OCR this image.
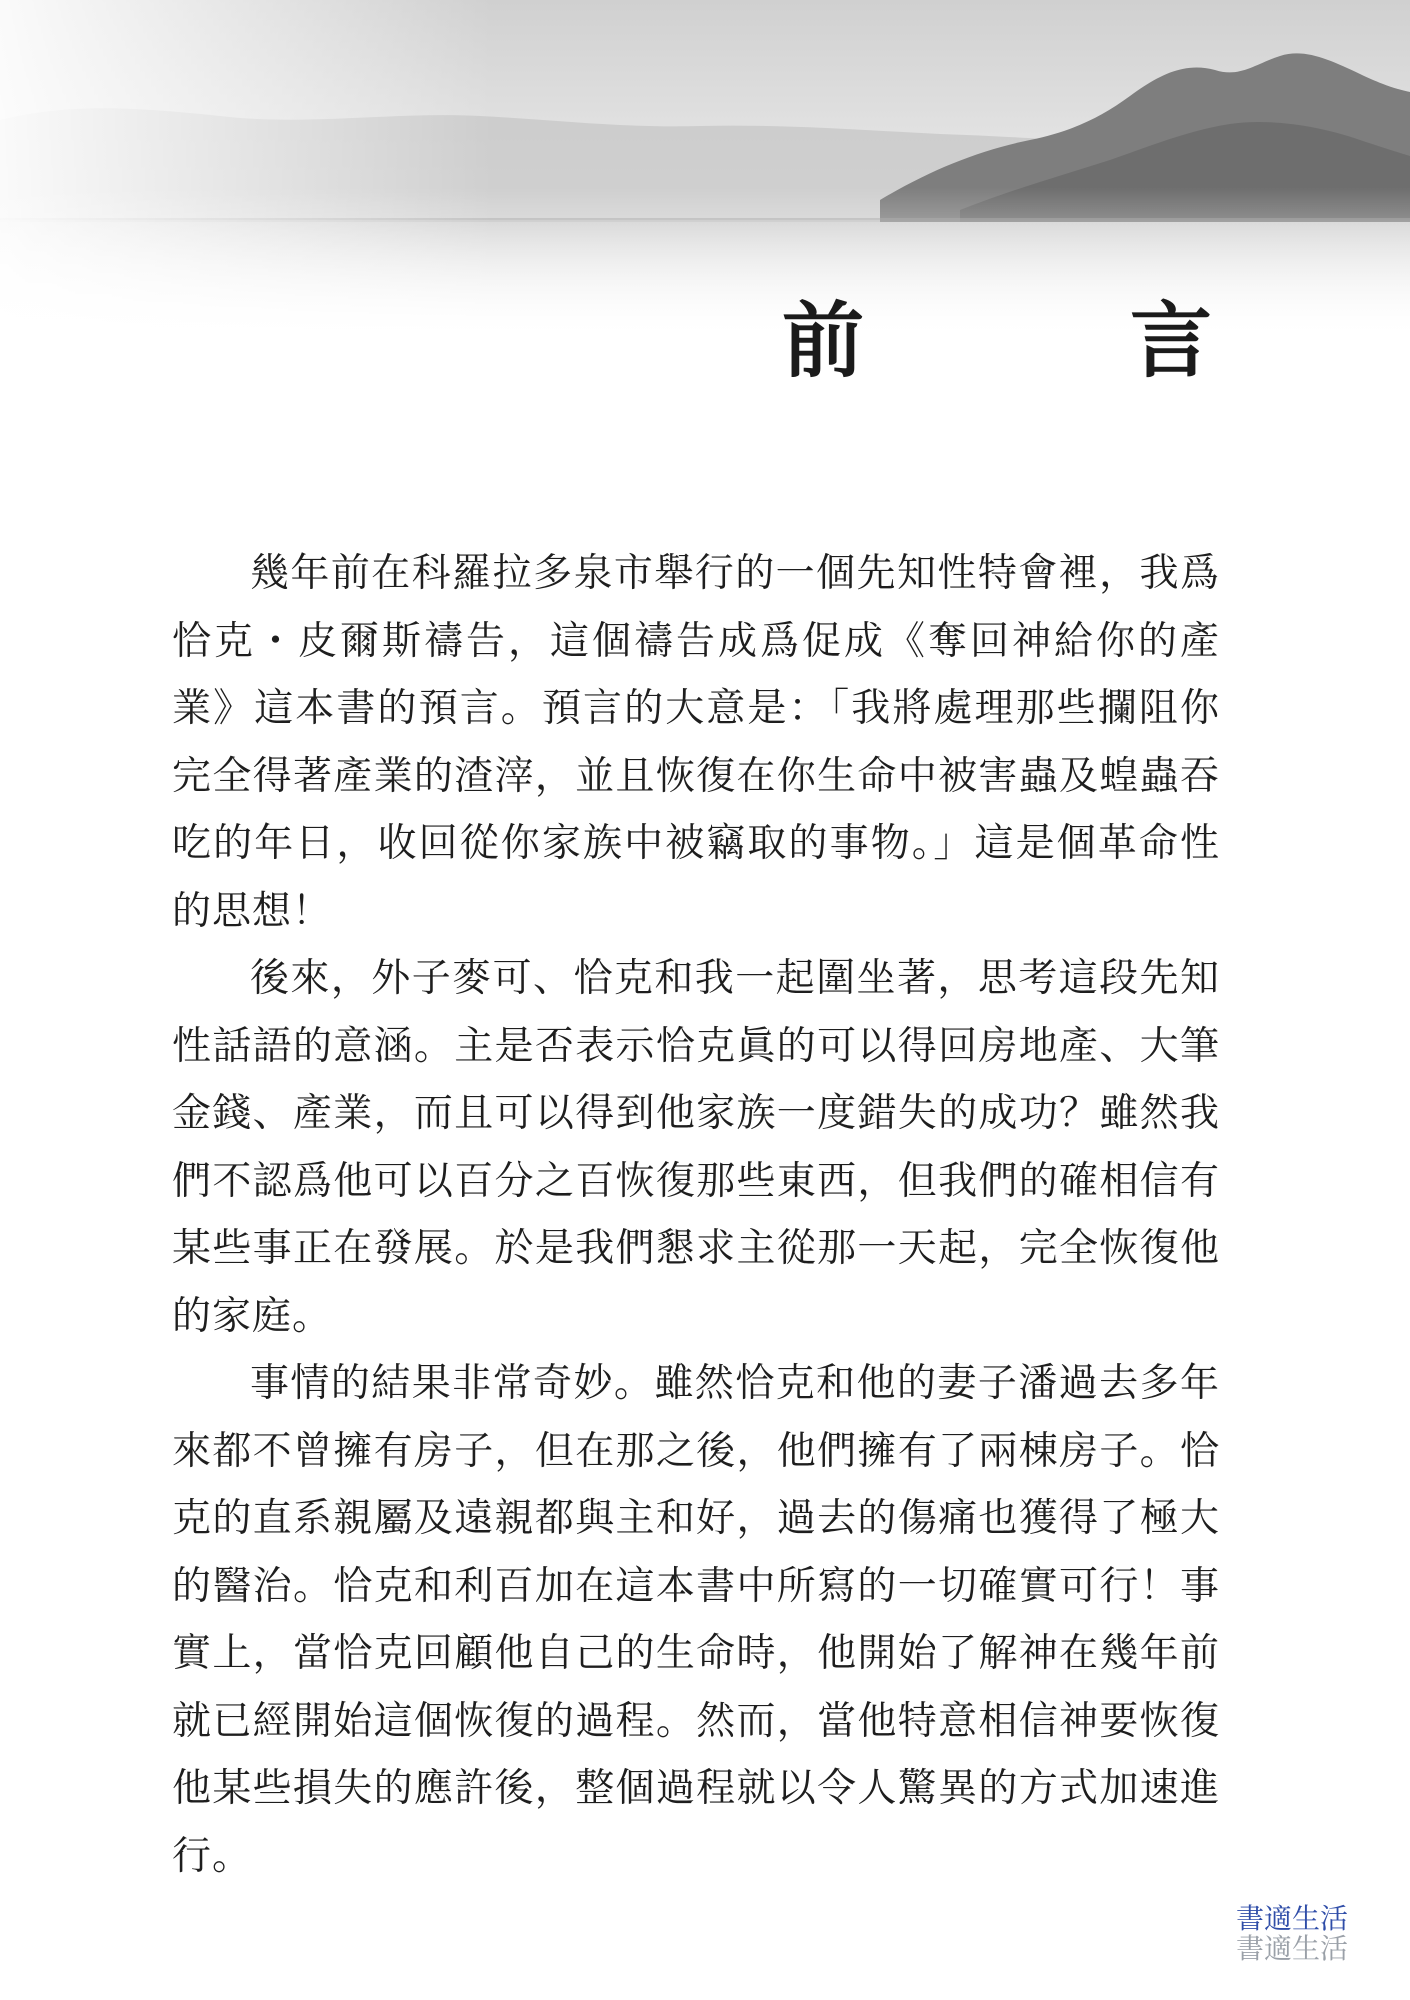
前　言

幾年前在科羅拉多泉市舉行的一個先知性特會裡，我爲恰克・皮爾斯禱告，這個禱告成爲促成《奪回神給你的產業》這本書的預言。預言的大意是：「我將處理那些攔阻你完全得著產業的渣滓，並且恢復在你生命中被害蟲及蝗蟲吞吃的年日，收回從你家族中被竊取的事物。」這是個革命性的思想！

後來，外子麥可、恰克和我一起圍坐著，思考這段先知性話語的意涵。主是否表示恰克眞的可以得回房地產、大筆金錢、產業，而且可以得到他家族一度錯失的成功？雖然我們不認爲他可以百分之百恢復那些東西，但我們的確相信有某些事正在發展。於是我們懇求主從那一天起，完全恢復他的家庭。

事情的結果非常奇妙。雖然恰克和他的妻子潘過去多年來都不曾擁有房子，但在那之後，他們擁有了兩棟房子。恰克的直系親屬及遠親都與主和好，過去的傷痛也獲得了極大的醫治。恰克和利百加在這本書中所寫的一切確實可行！事實上，當恰克回顧他自己的生命時，他開始了解神在幾年前就已經開始這個恢復的過程。然而，當他特意相信神要恢復他某些損失的應許後，整個過程就以令人驚異的方式加速進行。

書適生活
書適生活
